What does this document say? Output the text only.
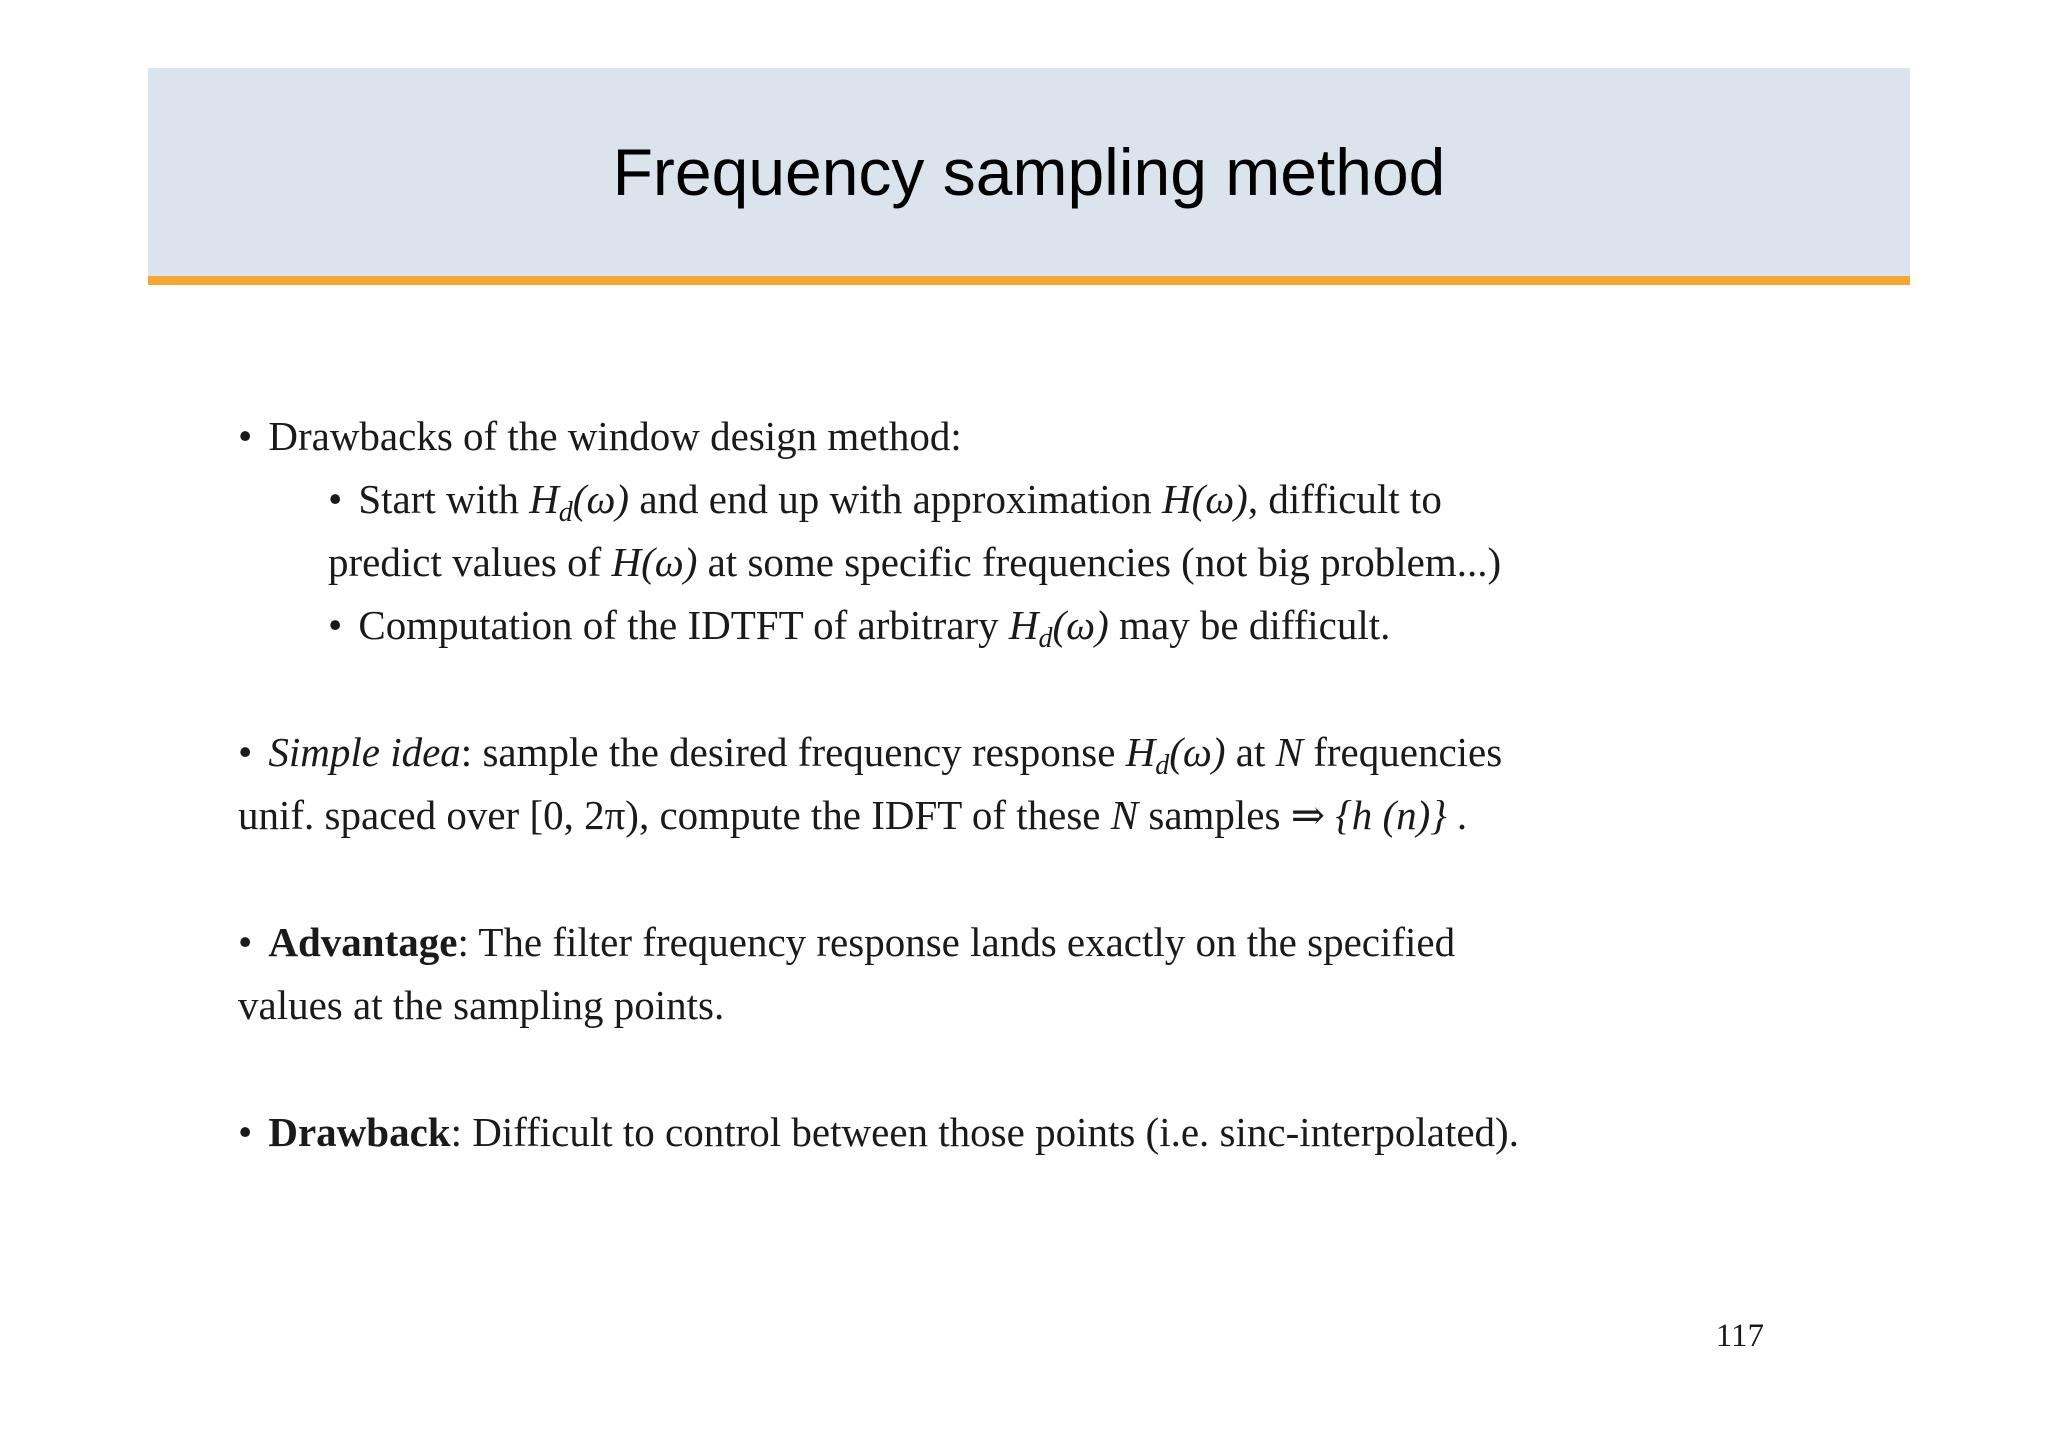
Frequency sampling method
• Drawbacks of the window design method:
• Start with $H_d(\omega)$ and end up with approximation H(ω), difficult to
predict values of H(ω) at some specific frequencies (not big problem...)
• Computation of the IDTFT of arbitrary $H_d(\omega)$ may be difficult.
• Simple idea: sample the desired frequency response $H_d(\omega)$ at N frequencies
unif. spaced over [0, 2π), compute the IDFT of these N samples ⇒ {h (n)} .
• Advantage: The filter frequency response lands exactly on the specified
values at the sampling points.
• Drawback: Difficult to control between those points (i.e. sinc-interpolated).
117
